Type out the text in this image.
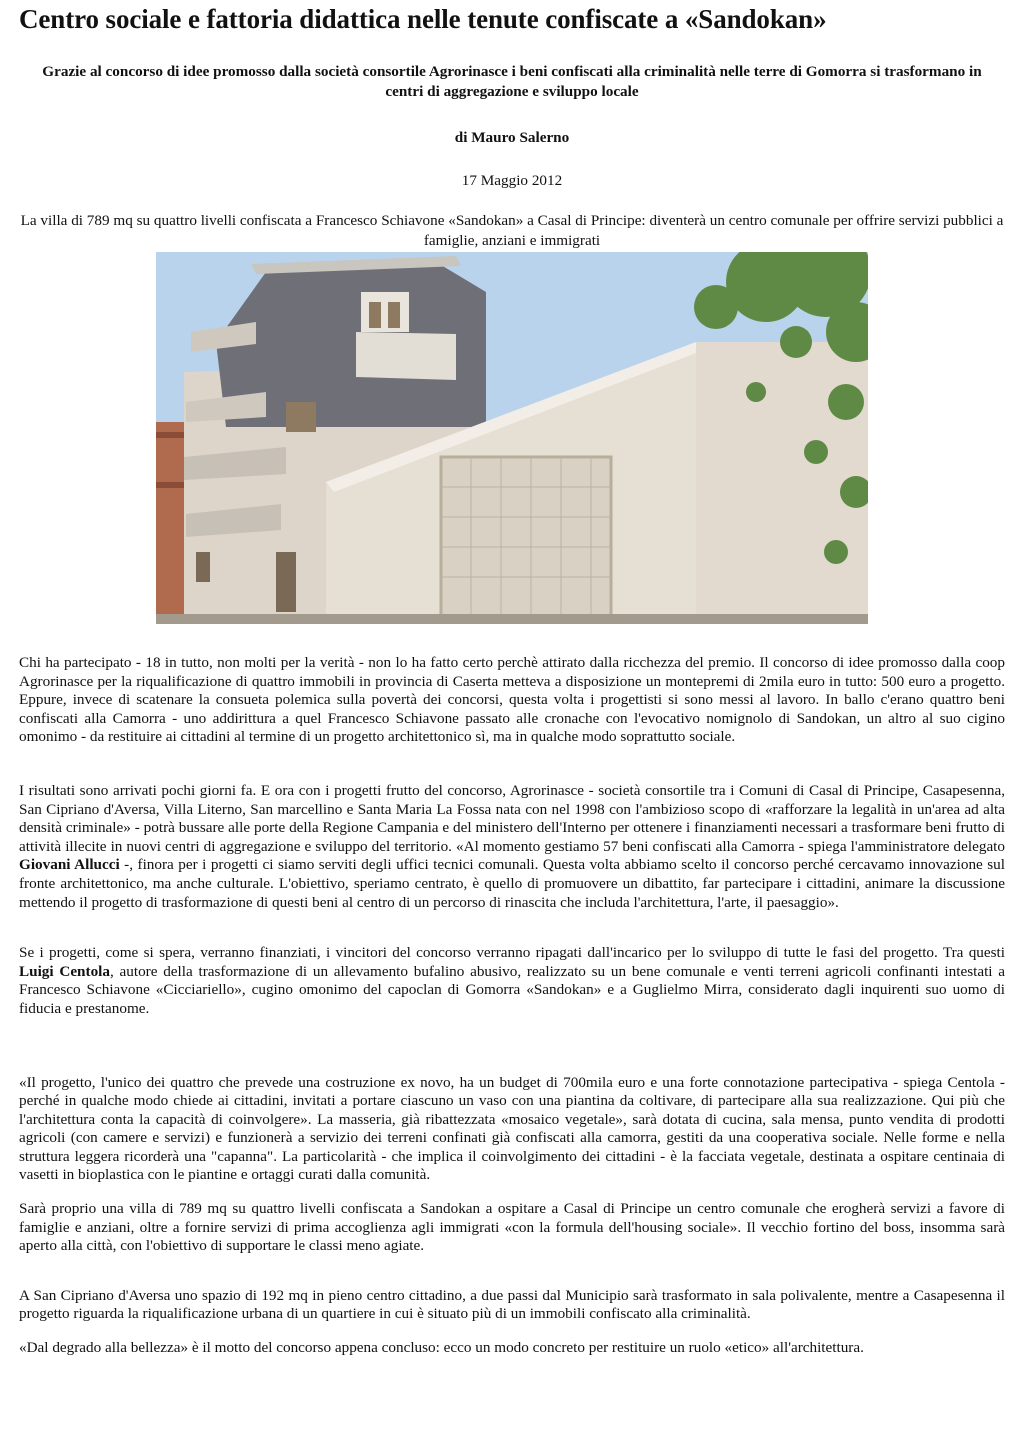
Centro sociale e fattoria didattica nelle tenute confiscate a «Sandokan»
Grazie al concorso di idee promosso dalla società consortile Agrorinasce i beni confiscati alla criminalità nelle terre di Gomorra si trasformano in centri di aggregazione e sviluppo locale
di Mauro Salerno
17 Maggio 2012
La villa di 789 mq su quattro livelli confiscata a Francesco Schiavone «Sandokan» a Casal di Principe: diventerà un centro comunale per offrire servizi pubblici a famiglie, anziani e immigrati

Chi ha partecipato - 18 in tutto, non molti per la verità - non lo ha fatto certo perchè attirato dalla ricchezza del premio. Il concorso di idee promosso dalla coop Agrorinasce per la riqualificazione di quattro immobili in provincia di Caserta metteva a disposizione un montepremi di 2mila euro in tutto: 500 euro a progetto. Eppure, invece di scatenare la consueta polemica sulla povertà dei concorsi, questa volta i progettisti si sono messi al lavoro. In ballo c'erano quattro beni confiscati alla Camorra - uno addirittura a quel Francesco Schiavone passato alle cronache con l'evocativo nomignolo di Sandokan, un altro al suo cigino omonimo - da restituire ai cittadini al termine di un progetto architettonico sì, ma in qualche modo soprattutto sociale.

I risultati sono arrivati pochi giorni fa. E ora con i progetti frutto del concorso, Agrorinasce - società consortile tra i Comuni di Casal di Principe, Casapesenna, San Cipriano d'Aversa, Villa Literno, San marcellino e Santa Maria La Fossa nata con nel 1998 con l'ambizioso scopo di «rafforzare la legalità in un'area ad alta densità criminale» - potrà bussare alle porte della Regione Campania e del ministero dell'Interno per ottenere i finanziamenti necessari a trasformare beni frutto di attività illecite in nuovi centri di aggregazione e sviluppo del territorio. «Al momento gestiamo 57 beni confiscati alla Camorra - spiega l'amministratore delegato Giovani Allucci -, finora per i progetti ci siamo serviti degli uffici tecnici comunali. Questa volta abbiamo scelto il concorso perché cercavamo innovazione sul fronte architettonico, ma anche culturale. L'obiettivo, speriamo centrato, è quello di promuovere un dibattito, far partecipare i cittadini, animare la discussione mettendo il progetto di trasformazione di questi beni al centro di un percorso di rinascita che includa l'architettura, l'arte, il paesaggio».

Se i progetti, come si spera, verranno finanziati, i vincitori del concorso verranno ripagati dall'incarico per lo sviluppo di tutte le fasi del progetto. Tra questi Luigi Centola, autore della trasformazione di un allevamento bufalino abusivo, realizzato su un bene comunale e venti terreni agricoli confinanti intestati a Francesco Schiavone «Cicciariello», cugino omonimo del capoclan di Gomorra «Sandokan» e a Guglielmo Mirra, considerato dagli inquirenti suo uomo di fiducia e prestanome.

«Il progetto, l'unico dei quattro che prevede una costruzione ex novo, ha un budget di 700mila euro e una forte connotazione partecipativa - spiega Centola - perché in qualche modo chiede ai cittadini, invitati a portare ciascuno un vaso con una piantina da coltivare, di partecipare alla sua realizzazione. Qui più che l'architettura conta la capacità di coinvolgere». La masseria, già ribattezzata «mosaico vegetale», sarà dotata di cucina, sala mensa, punto vendita di prodotti agricoli (con camere e servizi) e funzionerà a servizio dei terreni confinati già confiscati alla camorra, gestiti da una cooperativa sociale. Nelle forme e nella struttura leggera ricorderà una "capanna". La particolarità - che implica il coinvolgimento dei cittadini - è la facciata vegetale, destinata a ospitare centinaia di vasetti in bioplastica con le piantine e ortaggi curati dalla comunità.

Sarà proprio una villa di 789 mq su quattro livelli confiscata a Sandokan a ospitare a Casal di Principe un centro comunale che erogherà servizi a favore di famiglie e anziani, oltre a fornire servizi di prima accoglienza agli immigrati «con la formula dell'housing sociale». Il vecchio fortino del boss, insomma sarà aperto alla città, con l'obiettivo di supportare le classi meno agiate.

A San Cipriano d'Aversa uno spazio di 192 mq in pieno centro cittadino, a due passi dal Municipio sarà trasformato in sala polivalente, mentre a Casapesenna il progetto riguarda la riqualificazione urbana di un quartiere in cui è situato più di un immobili confiscato alla criminalità.

«Dal degrado alla bellezza» è il motto del concorso appena concluso: ecco un modo concreto per restituire un ruolo «etico» all'architettura.
